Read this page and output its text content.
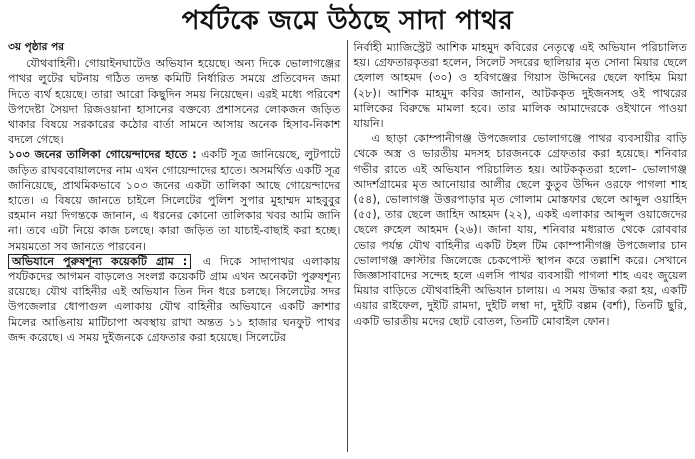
পর্যটকে জমে উঠছে সাদা পাথর
৩য় পৃষ্ঠার পর

যৌথবাহিনী। গোয়াইনঘাটেও অভিযান হয়েছে। অন্য দিকে ভোলাগঞ্জের পাথর লুটের ঘটনায় গঠিত তদন্ত কমিটি নির্ধারিত সময়ে প্রতিবেদন জমা দিতে ব্যর্থ হয়েছে। তারা আরো কিছুদিন সময় নিয়েছেন। এরই মধ্যে পরিবেশ উপদেষ্টা সৈয়দা রিজওয়ানা হাসানের বক্তব্যে প্রশাসনের লোকজন জড়িত থাকার বিষয়ে সরকারের কঠোর বার্তা সামনে আসায় অনেক হিসাব-নিকাশ বদলে গেছে।

১০৩ জনের তালিকা গোয়েন্দাদের হাতে : একটি সূত্র জানিয়েছে, লুটপাটে জড়িত রাঘববোয়ালদের নাম এখন গোয়েন্দাদের হাতে। অসমর্থিত একটি সূত্র জানিয়েছে, প্রাথমিকভাবে ১০৩ জনের একটা তালিকা আছে গোয়েন্দাদের হাতে। এ বিষয়ে জানতে চাইলে সিলেটের পুলিশ সুপার মুহাম্মদ মাহবুবুর রহমান নয়া দিগন্তকে জানান, এ ধরনের কোনো তালিকার খবর আমি জানি না। তবে এটা নিয়ে কাজ চলছে। কারা জড়িত তা যাচাই-বাছাই করা হচ্ছে। সময়মতো সব জানতে পারবেন।

অভিযানে পুরুষশূন্য কয়েকটি গ্রাম : এ দিকে সাদাপাথর এলাকায় পর্যটকদের আগমন বাড়লেও সংলগ্ন কয়েকটি গ্রাম এখন অনেকটা পুরুষশূন্য রয়েছে। যৌথ বাহিনীর এই অভিযান তিন দিন ধরে চলছে। সিলেটের সদর উপজেলার ধোপাগুল এলাকায় যৌথ বাহিনীর অভিযানে একটি ক্রাশার মিলের আঙিনায় মাটিচাপা অবস্থায় রাখা অন্তত ১১ হাজার ঘনফুট পাথর জব্দ করেছে। এ সময় দুইজনকে গ্রেফতার করা হয়েছে। সিলেটের

নির্বাহী ম্যাজিস্ট্রেট আশিক মাহমুদ কবিরের নেতৃত্বে এই অভিযান পরিচালিত হয়। গ্রেফতারকৃতরা হলেন, সিলেট সদরের ছালিয়ার মৃত সোনা মিয়ার ছেলে হেলাল আহমদ (৩০) ও হবিগঞ্জের গিয়াস উদ্দিনের ছেলে ফাহিম মিয়া (২৮)। আশিক মাহমুদ কবির জানান, আটককৃত দুইজনসহ ওই পাথরের মালিকের বিরুদ্ধে মামলা হবে। তার মালিক আমাদেরকে ওইখানে পাওয়া যায়নি।

এ ছাড়া কোম্পানীগঞ্জ উপজেলার ভোলাগঞ্জে পাথর ব্যবসায়ীর বাড়ি থেকে অস্ত্র ও ভারতীয় মদসহ চারজনকে গ্রেফতার করা হয়েছে। শনিবার গভীর রাতে এই অভিযান পরিচালিত হয়। আটককৃতরা হলো– ভোলাগঞ্জ আদর্শগ্রামের মৃত আনোয়ার আলীর ছেলে কুতুব উদ্দিন ওরফে পাগলা শাহ (৫৪), ভোলাগঞ্জ উত্তরপাড়ার মৃত গোলাম মোস্তফার ছেলে আব্দুল ওয়াহিদ (৫৫), তার ছেলে জাহিদ আহমদ (২২), একই এলাকার আব্দুল ওয়াজেদের ছেলে রুহেল আহমদ (২৬)। জানা যায়, শনিবার মধ্যরাত থেকে রোববার ভোর পর্যন্ত যৌথ বাহিনীর একটি টহল টিম কোম্পানীগঞ্জ উপজেলার চান ভোলাগঞ্জ ক্রাস্টার জিলেজে চেকপোস্ট স্থাপন করে তল্লাশি করে। সেখানে জিজ্ঞাসাবাদের সন্দেহ হলে এলসি পাথর ব্যবসায়ী পাগলা শাহ এবং জুয়েল মিয়ার বাড়িতে যৌথবাহিনী অভিযান চালায়। এ সময় উদ্ধার করা হয়, একটি এয়ার রাইফেল, দুইটি রামদা, দুইটি লম্বা দা, দুইটি বল্লম (বর্শা), তিনটি ছুরি, একটি ভারতীয় মদের ছোট বোতল, তিনটি মোবাইল ফোন।
